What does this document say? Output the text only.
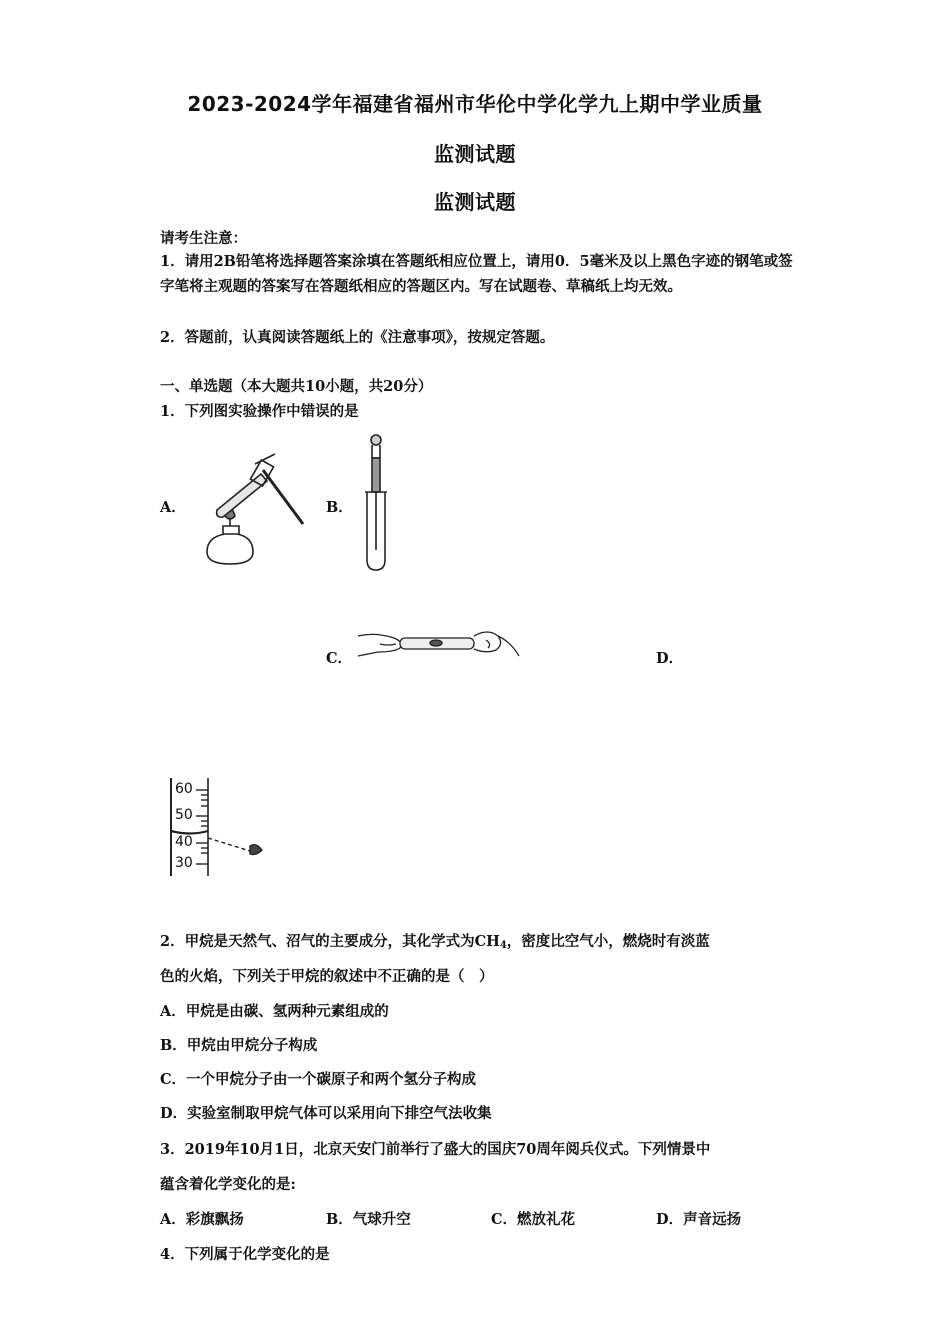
2023-2024学年福建省福州市华伦中学化学九上期中学业质量
监测试题
监测试题
请考生注意：
1．请用2B铅笔将选择题答案涂填在答题纸相应位置上，请用0．5毫米及以上黑色字迹的钢笔或签字笔将主观题的答案写在答题纸相应的答题区内。写在试题卷、草稿纸上均无效。
2．答题前，认真阅读答题纸上的《注意事项》，按规定答题。
一、单选题（本大题共10小题，共20分）
1．下列图实验操作中错误的是
A．	B．
C．	D．
60
50
40
30
2．甲烷是天然气、沼气的主要成分，其化学式为$CH_4$，密度比空气小，燃烧时有淡蓝
色的火焰，下列关于甲烷的叙述中不正确的是（　）
A．甲烷是由碳、氢两种元素组成的
B．甲烷由甲烷分子构成
C．一个甲烷分子由一个碳原子和两个氢分子构成
D．实验室制取甲烷气体可以采用向下排空气法收集
3．2019年10月1日，北京天安门前举行了盛大的国庆70周年阅兵仪式。下列情景中
蕴含着化学变化的是:
A．彩旗飘扬	B．气球升空	C．燃放礼花	D．声音远扬
4．下列属于化学变化的是
